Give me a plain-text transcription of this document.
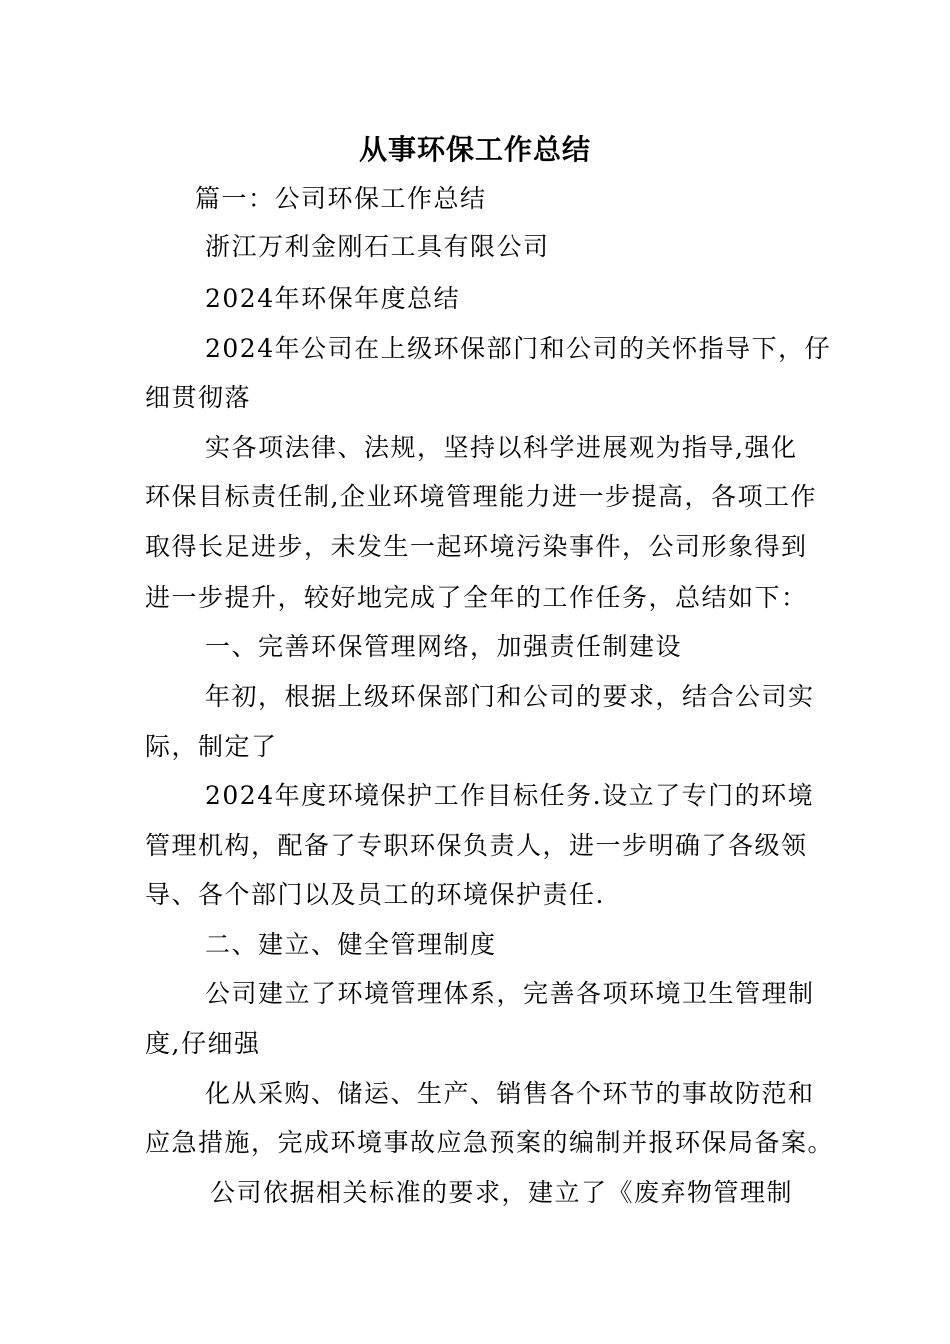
从事环保工作总结
篇一：公司环保工作总结
浙江万利金刚石工具有限公司
2024年环保年度总结
2024年公司在上级环保部门和公司的关怀指导下，仔
细贯彻落
实各项法律、法规，坚持以科学进展观为指导,强化
环保目标责任制,企业环境管理能力进一步提高，各项工作
取得长足进步，未发生一起环境污染事件，公司形象得到
进一步提升，较好地完成了全年的工作任务，总结如下：
一、完善环保管理网络，加强责任制建设
年初，根据上级环保部门和公司的要求，结合公司实
际，制定了
2024年度环境保护工作目标任务.设立了专门的环境
管理机构，配备了专职环保负责人，进一步明确了各级领
导、各个部门以及员工的环境保护责任.
二、建立、健全管理制度
公司建立了环境管理体系，完善各项环境卫生管理制
度,仔细强
化从采购、储运、生产、销售各个环节的事故防范和
应急措施，完成环境事故应急预案的编制并报环保局备案。
公司依据相关标准的要求，建立了《废弃物管理制
